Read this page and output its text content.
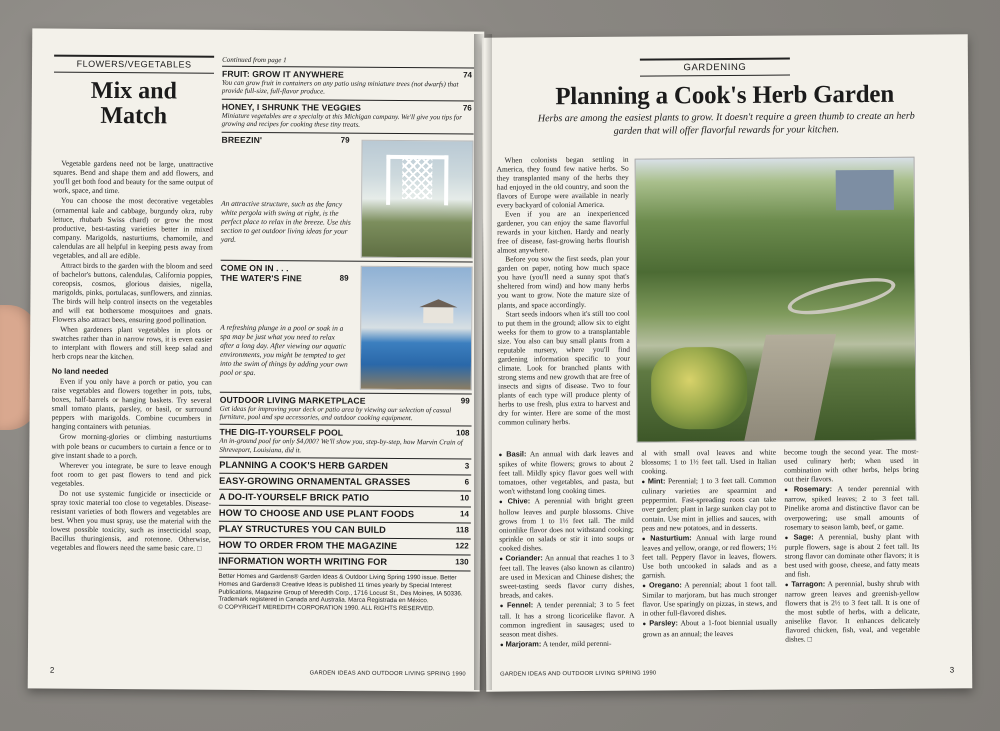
FLOWERS/VEGETABLES
Mix and
Match

Vegetable gardens need not be large, unattractive squares. Bend and shape them and add flowers, and you'll get both food and beauty for the same output of work, space, and time.

You can choose the most decorative vegetables (ornamental kale and cabbage, burgundy okra, ruby lettuce, rhubarb Swiss chard) or grow the most productive, best-tasting varieties better in mixed company. Marigolds, nasturtiums, chamomile, and calendulas are all helpful in keeping pests away from vegetables, and all are edible.

Attract birds to the garden with the bloom and seed of bachelor's buttons, calendulas, California poppies, coreopsis, cosmos, glorious daisies, nigella, marigolds, pinks, portulacas, sunflowers, and zinnias. The birds will help control insects on the vegetables and will eat bothersome mosquitoes and gnats. Flowers also attract bees, ensuring good pollination.

When gardeners plant vegetables in plots or swatches rather than in narrow rows, it is even easier to interplant with flowers and still keep salad and herb crops near the kitchen.

No land needed

Even if you only have a porch or patio, you can raise vegetables and flowers together in pots, tubs, boxes, half-barrels or hanging baskets. Try several small tomato plants, parsley, or basil, or surround peppers with marigolds. Combine cucumbers in hanging containers with petunias.

Grow morning-glories or climbing nasturtiums with pole beans or cucumbers to curtain a fence or to give instant shade to a porch.

Wherever you integrate, be sure to leave enough foot room to get past flowers to tend and pick vegetables.

Do not use systemic fungicide or insecticide or spray toxic material too close to vegetables. Disease-resistant varieties of both flowers and vegetables are best. When you must spray, use the material with the lowest possible toxicity, such as insecticidal soap, Bacillus thuringiensis, and rotenone. Otherwise, vegetables and flowers need the same basic care. □

Continued from page 1
FRUIT: GROW IT ANYWHERE	74
You can grow fruit in containers on any patio using miniature trees (not dwarfs) that provide full-size, full-flavor produce.
HONEY, I SHRUNK THE VEGGIES	76
Miniature vegetables are a specialty at this Michigan company. We'll give you tips for growing and recipes for cooking these tiny treats.
BREEZIN'	79
An attractive structure, such as the fancy white pergola with swing at right, is the perfect place to relax in the breeze. Use this section to get outdoor living ideas for your yard.
COME ON IN . . .
THE WATER'S FINE	89
A refreshing plunge in a pool or soak in a spa may be just what you need to relax after a long day. After viewing our aquatic environments, you might be tempted to get into the swim of things by adding your own pool or spa.
OUTDOOR LIVING MARKETPLACE	99
Get ideas for improving your deck or patio area by viewing our selection of casual furniture, pool and spa accessories, and outdoor cooking equipment.
THE DIG-IT-YOURSELF POOL	108
An in-ground pool for only $4,000? We'll show you, step-by-step, how Marvin Crain of Shreveport, Louisiana, did it.
PLANNING A COOK'S HERB GARDEN	3
EASY-GROWING ORNAMENTAL GRASSES	6
A DO-IT-YOURSELF BRICK PATIO	10
HOW TO CHOOSE AND USE PLANT FOODS	14
PLAY STRUCTURES YOU CAN BUILD	118
HOW TO ORDER FROM THE MAGAZINE	122
INFORMATION WORTH WRITING FOR	130
Better Homes and Gardens® Garden Ideas & Outdoor Living Spring 1990 issue. Better Homes and Gardens® Creative Ideas is published 11 times yearly by Special Interest Publications, Magazine Group of Meredith Corp., 1716 Locust St., Des Moines, IA 50336. Trademark registered in Canada and Australia. Marca Registrada en México.
© COPYRIGHT MEREDITH CORPORATION 1990. ALL RIGHTS RESERVED.
2	GARDEN IDEAS AND OUTDOOR LIVING SPRING 1990
GARDENING
Planning a Cook's Herb Garden
Herbs are among the easiest plants to grow. It doesn't require a green thumb to create an herb garden that will offer flavorful rewards for your kitchen.

When colonists began settling in America, they found few native herbs. So they transplanted many of the herbs they had enjoyed in the old country, and soon the flavors of Europe were available in nearly every backyard of colonial America.

Even if you are an inexperienced gardener, you can enjoy the same flavorful rewards in your kitchen. Hardy and nearly free of disease, fast-growing herbs flourish almost anywhere.

Before you sow the first seeds, plan your garden on paper, noting how much space you have (you'll need a sunny spot that's sheltered from wind) and how many herbs you want to grow. Note the mature size of plants, and space accordingly.

Start seeds indoors when it's still too cool to put them in the ground; allow six to eight weeks for them to grow to a transplantable size. You also can buy small plants from a reputable nursery, where you'll find gardening information specific to your climate. Look for branched plants with strong stems and new growth that are free of insects and signs of disease. Two to four plants of each type will produce plenty of herbs to use fresh, plus extra to harvest and dry for winter. Here are some of the most common culinary herbs.

● Basil: An annual with dark leaves and spikes of white flowers; grows to about 2 feet tall. Mildly spicy flavor goes well with tomatoes, other vegetables, and pasta, but won't withstand long cooking times.
● Chive: A perennial with bright green hollow leaves and purple blossoms. Chive grows from 1 to 1½ feet tall. The mild onionlike flavor does not withstand cooking; sprinkle on salads or stir it into soups or cooked dishes.
● Coriander: An annual that reaches 1 to 3 feet tall. The leaves (also known as cilantro) are used in Mexican and Chinese dishes; the sweet-tasting seeds flavor curry dishes, breads, and cakes.
● Fennel: A tender perennial; 3 to 5 feet tall. It has a strong licoricelike flavor. A common ingredient in sausages; used to season meat dishes.
● Marjoram: A tender, mild perenni-
al with small oval leaves and white blossoms; 1 to 1½ feet tall. Used in Italian cooking.
● Mint: Perennial; 1 to 3 feet tall. Common culinary varieties are spearmint and peppermint. Fast-spreading roots can take over garden; plant in large sunken clay pot to contain. Use mint in jellies and sauces, with peas and new potatoes, and in desserts.
● Nasturtium: Annual with large round leaves and yellow, orange, or red flowers; 1½ feet tall. Peppery flavor in leaves, flowers. Use both uncooked in salads and as a garnish.
● Oregano: A perennial; about 1 foot tall. Similar to marjoram, but has much stronger flavor. Use sparingly on pizzas, in stews, and in other full-flavored dishes.
● Parsley: About a 1-foot biennial usually grown as an annual; the leaves
become tough the second year. The most-used culinary herb; when used in combination with other herbs, helps bring out their flavors.
● Rosemary: A tender perennial with narrow, spiked leaves; 2 to 3 feet tall. Pinelike aroma and distinctive flavor can be overpowering; use small amounts of rosemary to season lamb, beef, or game.
● Sage: A perennial, bushy plant with purple flowers, sage is about 2 feet tall. Its strong flavor can dominate other flavors; it is best used with goose, cheese, and fatty meats and fish.
● Tarragon: A perennial, bushy shrub with narrow green leaves and greenish-yellow flowers that is 2½ to 3 feet tall. It is one of the most subtle of herbs, with a delicate, aniselike flavor. It enhances delicately flavored chicken, fish, veal, and vegetable dishes. □
GARDEN IDEAS AND OUTDOOR LIVING SPRING 1990	3
